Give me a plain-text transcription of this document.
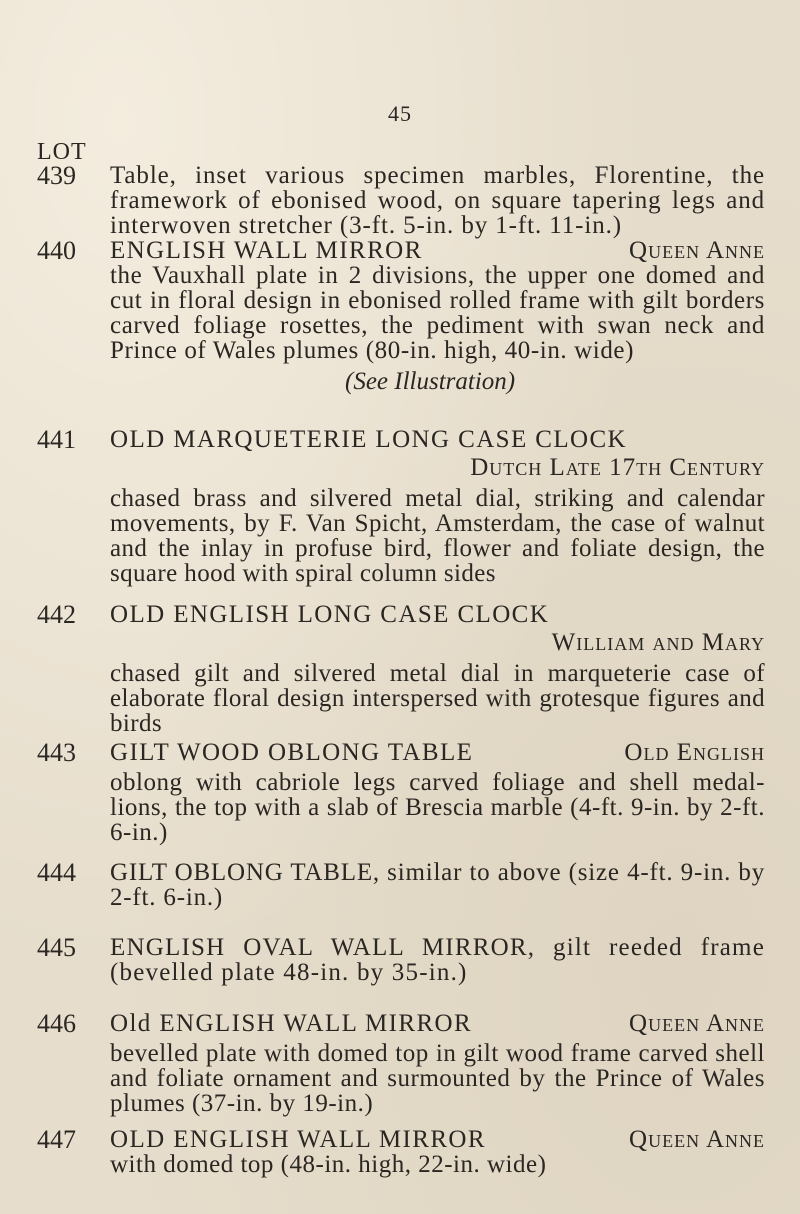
45
LOT
439 Table, inset various specimen marbles, Florentine, the framework of ebonised wood, on square tapering legs and interwoven stretcher (3-ft. 5-in. by 1-ft. 11-in.)
440 ENGLISH WALL MIRROR	Queen Anne
the Vauxhall plate in 2 divisions, the upper one domed and cut in floral design in ebonised rolled frame with gilt borders carved foliage rosettes, the pediment with swan neck and Prince of Wales plumes (80-in. high, 40-in. wide)
(See Illustration)
441 OLD MARQUETERIE LONG CASE CLOCK
Dutch Late 17th Century
chased brass and silvered metal dial, striking and calendar movements, by F. Van Spicht, Amsterdam, the case of walnut and the inlay in profuse bird, flower and foliate design, the square hood with spiral column sides
442 OLD ENGLISH LONG CASE CLOCK
William and Mary
chased gilt and silvered metal dial in marqueterie case of elaborate floral design interspersed with grotesque figures and birds
443 GILT WOOD OBLONG TABLE	Old English
oblong with cabriole legs carved foliage and shell medal-lions, the top with a slab of Brescia marble (4-ft. 9-in. by 2-ft. 6-in.)
444 GILT OBLONG TABLE, similar to above (size 4-ft. 9-in. by 2-ft. 6-in.)
445 ENGLISH OVAL WALL MIRROR, gilt reeded frame (bevelled plate 48-in. by 35-in.)
446 Old ENGLISH WALL MIRROR	Queen Anne
bevelled plate with domed top in gilt wood frame carved shell and foliate ornament and surmounted by the Prince of Wales plumes (37-in. by 19-in.)
447 OLD ENGLISH WALL MIRROR	Queen Anne
with domed top (48-in. high, 22-in. wide)
